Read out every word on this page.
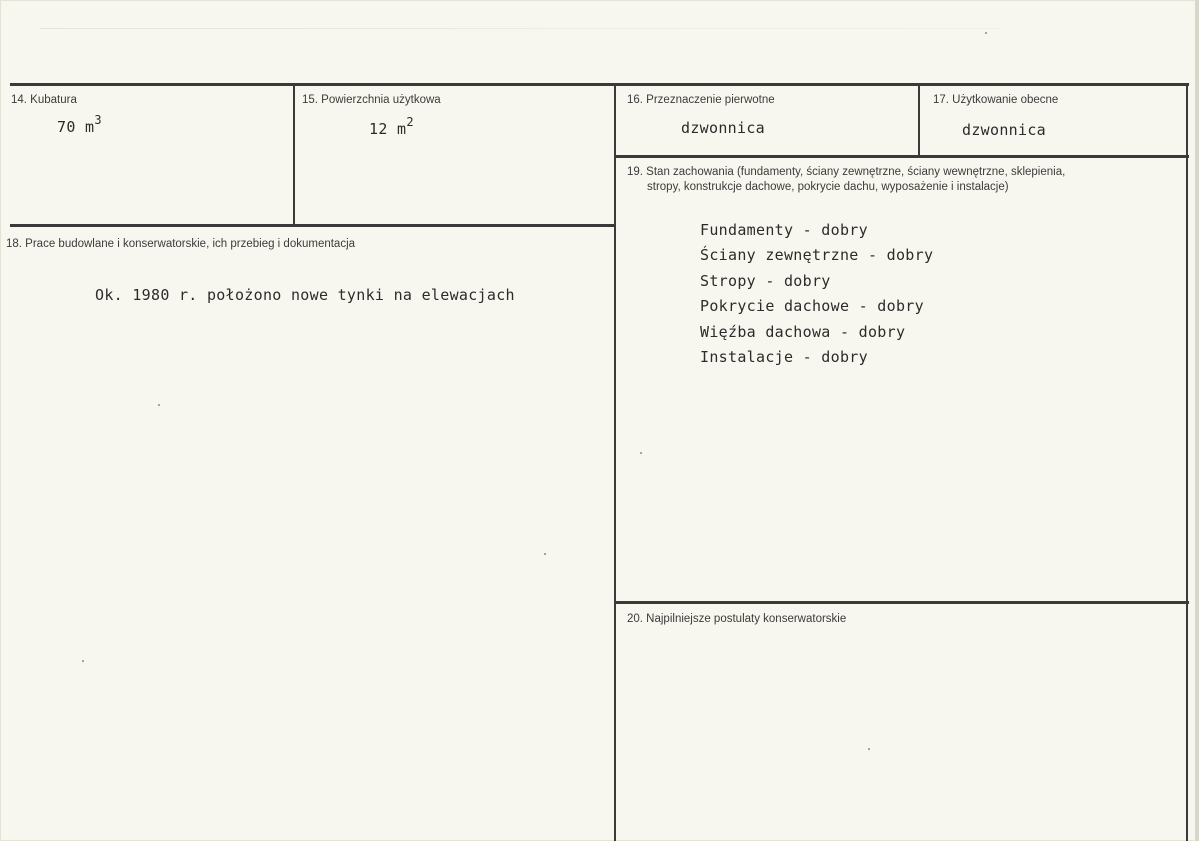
14. Kubatura
70 $m^3$
15. Powierzchnia użytkowa
12 $m^2$
16. Przeznaczenie pierwotne
dzwonnica
17. Użytkowanie obecne
dzwonnica
18. Prace budowlane i konserwatorskie, ich przebieg i dokumentacja
Ok. 1980 r. położono nowe tynki na elewacjach
19. Stan zachowania (fundamenty, ściany zewnętrzne, ściany wewnętrzne, sklepienia,
stropy, konstrukcje dachowe, pokrycie dachu, wyposażenie i instalacje)
Fundamenty - dobry
Ściany zewnętrzne - dobry
Stropy - dobry
Pokrycie dachowe - dobry
Więźba dachowa - dobry
Instalacje - dobry
20. Najpilniejsze postulaty konserwatorskie
